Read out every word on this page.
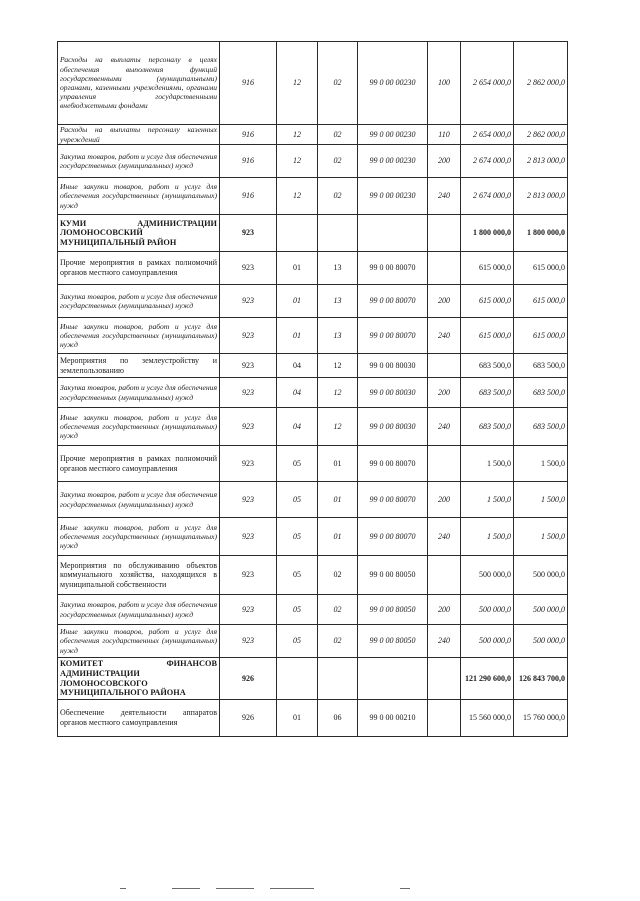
Расходы на выплаты персоналу в целях обеспечения выполнения функций государственными (муниципальными) органами, казенными учреждениями, органами управления государственными внебюджетными фондами	916	12	02	99 0 00 00230	100	2 654 000,0	2 862 000,0
Расходы на выплаты персоналу казенных учреждений	916	12	02	99 0 00 00230	110	2 654 000,0	2 862 000,0
Закупка товаров, работ и услуг для обеспечения государственных (муниципальных) нужд	916	12	02	99 0 00 00230	200	2 674 000,0	2 813 000,0
Иные закупки товаров, работ и услуг для обеспечения государственных (муниципальных) нужд	916	12	02	99 0 00 00230	240	2 674 000,0	2 813 000,0
КУМИ АДМИНИСТРАЦИИ ЛОМОНОСОВСКИЙ МУНИЦИПАЛЬНЫЙ РАЙОН	923					1 800 000,0	1 800 000,0
Прочие мероприятия в рамках полномочий органов местного самоуправления	923	01	13	99 0 00 80070		615 000,0	615 000,0
Закупка товаров, работ и услуг для обеспечения государственных (муниципальных) нужд	923	01	13	99 0 00 80070	200	615 000,0	615 000,0
Иные закупки товаров, работ и услуг для обеспечения государственных (муниципальных) нужд	923	01	13	99 0 00 80070	240	615 000,0	615 000,0
Мероприятия по землеустройству и землепользованию	923	04	12	99 0 00 80030		683 500,0	683 500,0
Закупка товаров, работ и услуг для обеспечения государственных (муниципальных) нужд	923	04	12	99 0 00 80030	200	683 500,0	683 500,0
Иные закупки товаров, работ и услуг для обеспечения государственных (муниципальных) нужд	923	04	12	99 0 00 80030	240	683 500,0	683 500,0
Прочие мероприятия в рамках полномочий органов местного самоуправления	923	05	01	99 0 00 80070		1 500,0	1 500,0
Закупка товаров, работ и услуг для обеспечения государственных (муниципальных) нужд	923	05	01	99 0 00 80070	200	1 500,0	1 500,0
Иные закупки товаров, работ и услуг для обеспечения государственных (муниципальных) нужд	923	05	01	99 0 00 80070	240	1 500,0	1 500,0
Мероприятия по обслуживанию объектов коммунального хозяйства, находящихся в муниципальной собственности	923	05	02	99 0 00 80050		500 000,0	500 000,0
Закупка товаров, работ и услуг для обеспечения государственных (муниципальных) нужд	923	05	02	99 0 00 80050	200	500 000,0	500 000,0
Иные закупки товаров, работ и услуг для обеспечения государственных (муниципальных) нужд	923	05	02	99 0 00 80050	240	500 000,0	500 000,0
КОМИТЕТ ФИНАНСОВ АДМИНИСТРАЦИИ ЛОМОНОСОВСКОГО МУНИЦИПАЛЬНОГО РАЙОНА	926					121 290 600,0	126 843 700,0
Обеспечение деятельности аппаратов органов местного самоуправления	926	01	06	99 0 00 00210		15 560 000,0	15 760 000,0
